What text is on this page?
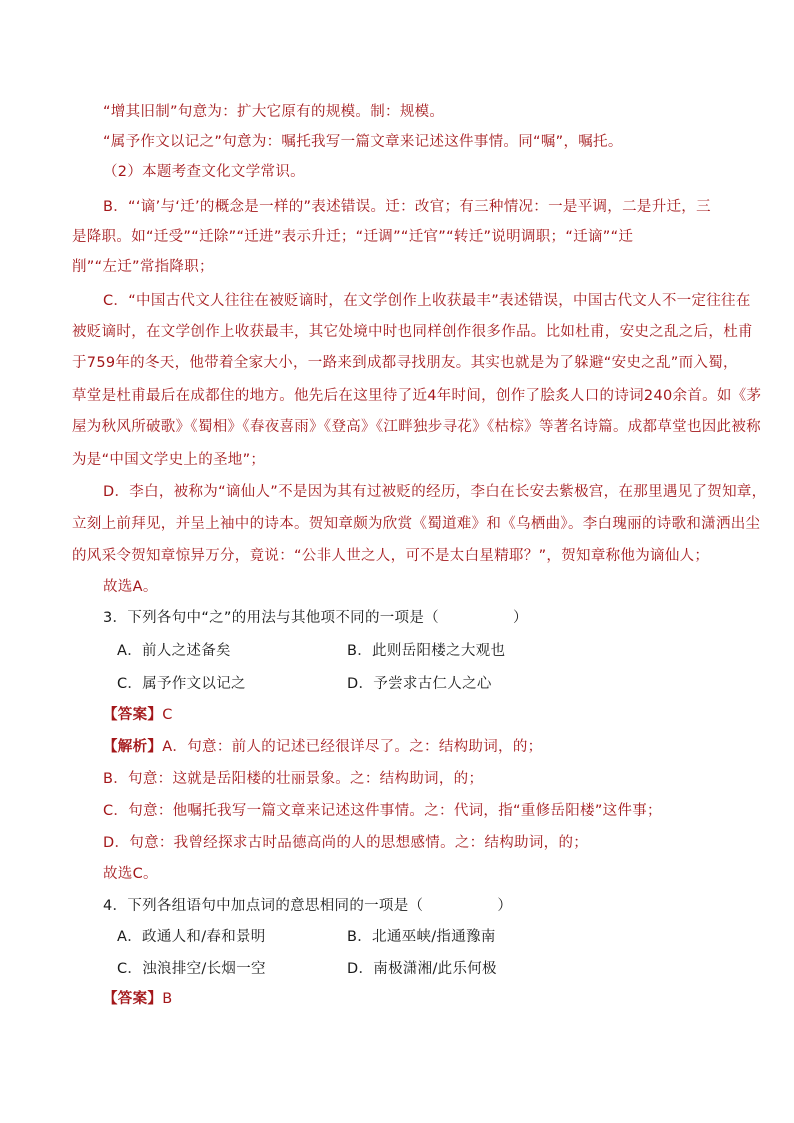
“增其旧制”句意为：扩大它原有的规模。制：规模。
“属予作文以记之”句意为：嘱托我写一篇文章来记述这件事情。同“嘱”，嘱托。
（2）本题考查文化文学常识。
B．“‘谪’与‘迁’的概念是一样的”表述错误。迁：改官；有三种情况：一是平调，二是升迁，三
是降职。如“迁受”“迁除”“迁进”表示升迁；“迁调”“迁官”“转迁”说明调职；“迁谪”“迁
削”“左迁”常指降职；
C．“中国古代文人往往在被贬谪时，在文学创作上收获最丰”表述错误，中国古代文人不一定往往在
被贬谪时，在文学创作上收获最丰，其它处境中时也同样创作很多作品。比如杜甫，安史之乱之后，杜甫
于759年的冬天，他带着全家大小，一路来到成都寻找朋友。其实也就是为了躲避“安史之乱”而入蜀，
草堂是杜甫最后在成都住的地方。他先后在这里待了近4年时间，创作了脍炙人口的诗词240余首。如《茅
屋为秋风所破歌》《蜀相》《春夜喜雨》《登高》《江畔独步寻花》《枯棕》等著名诗篇。成都草堂也因此被称
为是“中国文学史上的圣地”；
D．李白，被称为“谪仙人”不是因为其有过被贬的经历，李白在长安去紫极宫，在那里遇见了贺知章，
立刻上前拜见，并呈上袖中的诗本。贺知章颇为欣赏《蜀道难》和《乌栖曲》。李白瑰丽的诗歌和潇洒出尘
的风采令贺知章惊异万分，竟说：“公非人世之人，可不是太白星精耶？”，贺知章称他为谪仙人；
故选A。
3．下列各句中“之”的用法与其他项不同的一项是（　　　　　）
A．前人之述备矣	B．此则岳阳楼之大观也
C．属予作文以记之	D．予尝求古仁人之心
【答案】C
【解析】A．句意：前人的记述已经很详尽了。之：结构助词，的；
B．句意：这就是岳阳楼的壮丽景象。之：结构助词，的；
C．句意：他嘱托我写一篇文章来记述这件事情。之：代词，指“重修岳阳楼”这件事；
D．句意：我曾经探求古时品德高尚的人的思想感情。之：结构助词，的；
故选C。
4．下列各组语句中加点词的意思相同的一项是（　　　　　）
A．政通人和/春和景明	B．北通巫峡/指通豫南
C．浊浪排空/长烟一空	D．南极潇湘/此乐何极
【答案】B
